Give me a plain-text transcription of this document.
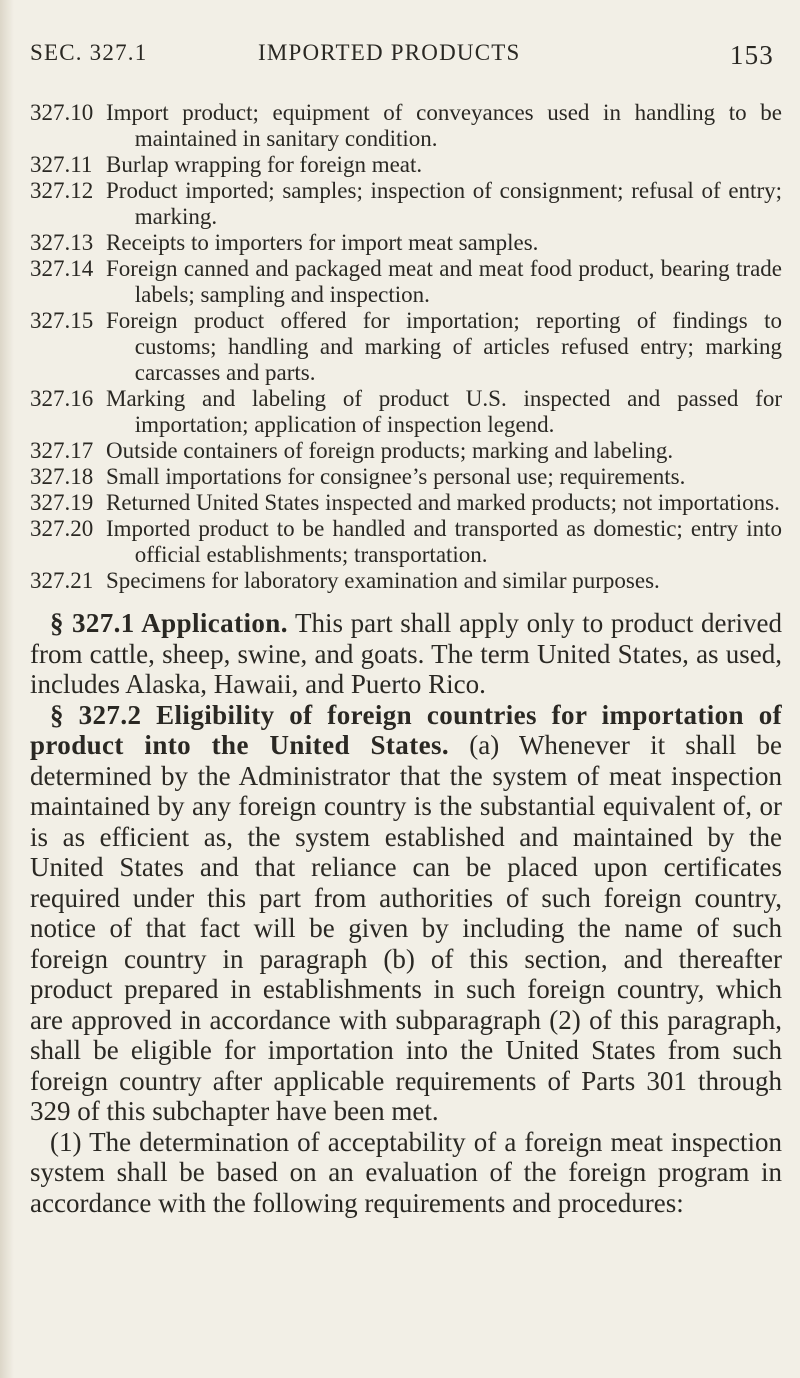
SEC. 327.1	IMPORTED PRODUCTS	153
327.10 Import product; equipment of conveyances used in handling to be maintained in sanitary condition.
327.11 Burlap wrapping for foreign meat.
327.12 Product imported; samples; inspection of consignment; refusal of entry; marking.
327.13 Receipts to importers for import meat samples.
327.14 Foreign canned and packaged meat and meat food product, bearing trade labels; sampling and inspection.
327.15 Foreign product offered for importation; reporting of findings to customs; handling and marking of articles refused entry; marking carcasses and parts.
327.16 Marking and labeling of product U.S. inspected and passed for importation; application of inspection legend.
327.17 Outside containers of foreign products; marking and labeling.
327.18 Small importations for consignee’s personal use; requirements.
327.19 Returned United States inspected and marked products; not importations.
327.20 Imported product to be handled and transported as domestic; entry into official establishments; transportation.
327.21 Specimens for laboratory examination and similar purposes.

§ 327.1 Application. This part shall apply only to product derived from cattle, sheep, swine, and goats. The term United States, as used, includes Alaska, Hawaii, and Puerto Rico.

§ 327.2 Eligibility of foreign countries for importation of product into the United States. (a) Whenever it shall be determined by the Administrator that the system of meat inspection maintained by any foreign country is the substantial equivalent of, or is as efficient as, the system established and maintained by the United States and that reliance can be placed upon certificates required under this part from authorities of such foreign country, notice of that fact will be given by including the name of such foreign country in paragraph (b) of this section, and thereafter product prepared in establishments in such foreign country, which are approved in accordance with subparagraph (2) of this paragraph, shall be eligible for importation into the United States from such foreign country after applicable requirements of Parts 301 through 329 of this subchapter have been met.

(1) The determination of acceptability of a foreign meat inspection system shall be based on an evaluation of the foreign program in accordance with the following requirements and procedures:
